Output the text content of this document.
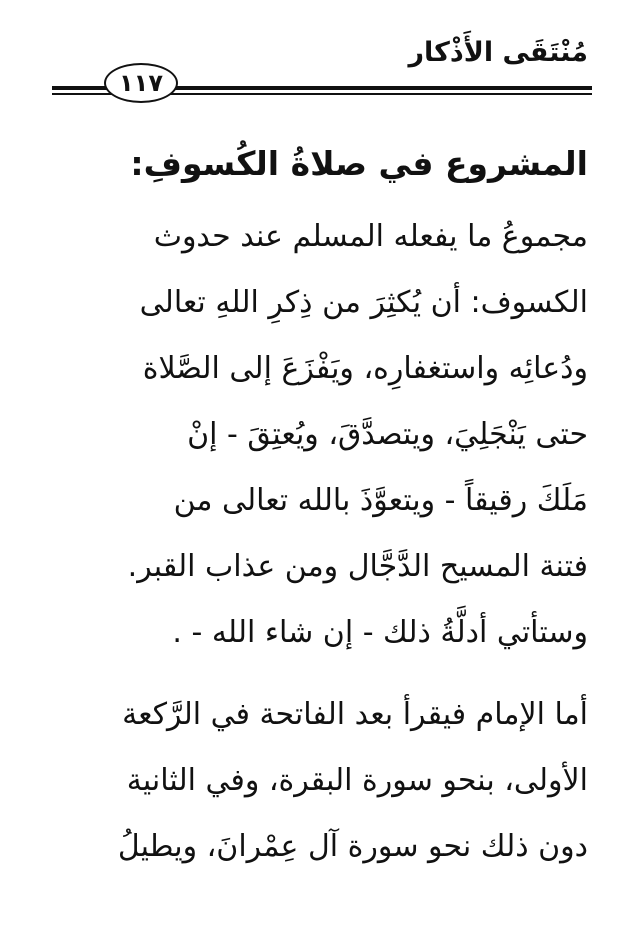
مُنْتَقَى الأَذْكار
١١٧
المشروع في صلاةُ الكُسوفِ:
مجموعُ ما يفعله المسلم عند حدوث
الكسوف: أن يُكثِرَ من ذِكرِ اللهِ تعالى
ودُعائِه واستغفارِه، ويَفْزَعَ إلى الصَّلاة
حتى يَنْجَلِيَ، ويتصدَّقَ، ويُعتِقَ - إنْ
مَلَكَ رقيقاً - ويتعوَّذَ بالله تعالى من
فتنة المسيح الدَّجَّال ومن عذاب القبر.
وستأتي أدلَّةُ ذلك - إن شاء الله - .
أما الإمام فيقرأ بعد الفاتحة في الرَّكعة
الأولى، بنحو سورة البقرة، وفي الثانية
دون ذلك نحو سورة آل عِمْرانَ، ويطيلُ
